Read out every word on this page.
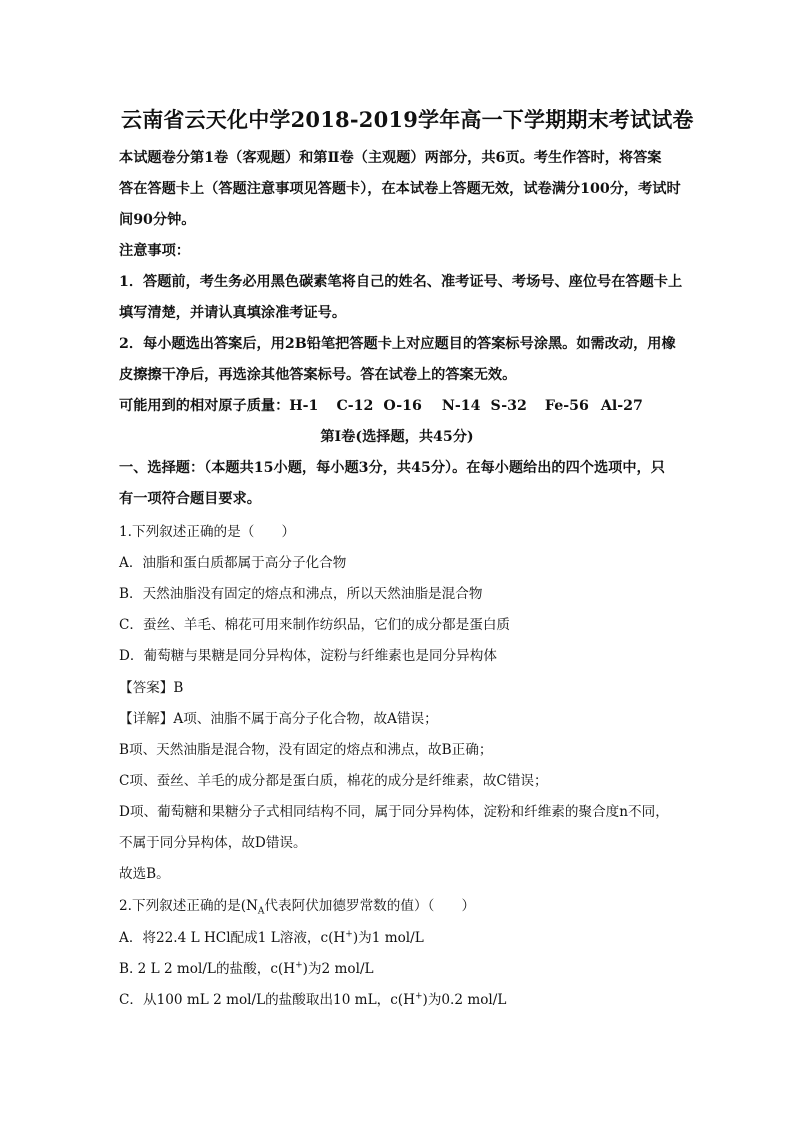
云南省云天化中学2018-2019学年高一下学期期末考试试卷
本试题卷分第1卷（客观题）和第Ⅱ卷（主观题）两部分，共6页。考生作答时，将答案
答在答题卡上（答题注意事项见答题卡），在本试卷上答题无效，试卷满分100分，考试时
间90分钟。
注意事项：
1．答题前，考生务必用黑色碳素笔将自己的姓名、准考证号、考场号、座位号在答题卡上
填写清楚，并请认真填涂准考证号。
2．每小题选出答案后，用2B铅笔把答题卡上对应题目的答案标号涂黑。如需改动，用橡
皮擦擦干净后，再选涂其他答案标号。答在试卷上的答案无效。
可能用到的相对原子质量：H-1 C-12 O-16 N-14 S-32 Fe-56 Al-27
第Ⅰ卷(选择题，共45分)
一、选择题：（本题共15小题，每小题3分，共45分）。在每小题给出的四个选项中，只
有一项符合题目要求。
1.下列叙述正确的是（　　）
A．油脂和蛋白质都属于高分子化合物
B．天然油脂没有固定的熔点和沸点，所以天然油脂是混合物
C．蚕丝、羊毛、棉花可用来制作纺织品，它们的成分都是蛋白质
D．葡萄糖与果糖是同分异构体，淀粉与纤维素也是同分异构体
【答案】B
【详解】A项、油脂不属于高分子化合物，故A错误；
B项、天然油脂是混合物，没有固定的熔点和沸点，故B正确；
C项、蚕丝、羊毛的成分都是蛋白质，棉花的成分是纤维素，故C错误；
D项、葡萄糖和果糖分子式相同结构不同，属于同分异构体，淀粉和纤维素的聚合度n不同，
不属于同分异构体，故D错误。
故选B。
2.下列叙述正确的是($N_A$代表阿伏加德罗常数的值）（　　）
A．将22.4 L HCl配成1 L溶液，c(H+)为1 mol/L
B. 2 L 2 mol/L的盐酸，c(H+)为2 mol/L
C．从100 mL 2 mol/L的盐酸取出10 mL，c(H+)为0.2 mol/L
